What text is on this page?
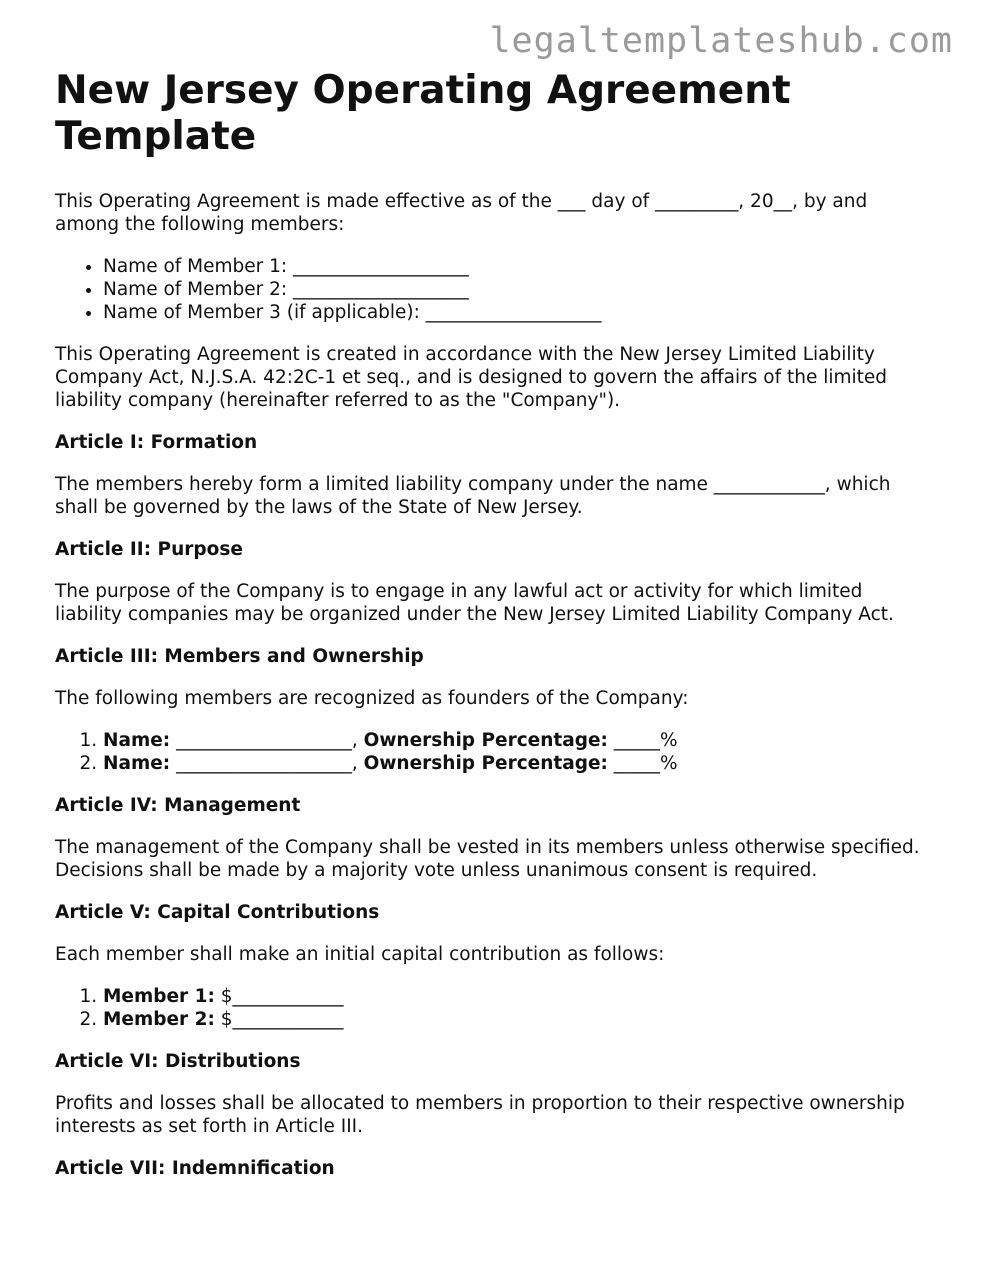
legaltemplateshub.com

New Jersey Operating Agreement Template

This Operating Agreement is made effective as of the ___ day of _________, 20__, by and among the following members:

• Name of Member 1: ___________________
• Name of Member 2: ___________________
• Name of Member 3 (if applicable): ___________________

This Operating Agreement is created in accordance with the New Jersey Limited Liability Company Act, N.J.S.A. 42:2C-1 et seq., and is designed to govern the affairs of the limited liability company (hereinafter referred to as the "Company").

Article I: Formation

The members hereby form a limited liability company under the name ____________, which shall be governed by the laws of the State of New Jersey.

Article II: Purpose

The purpose of the Company is to engage in any lawful act or activity for which limited liability companies may be organized under the New Jersey Limited Liability Company Act.

Article III: Members and Ownership

The following members are recognized as founders of the Company:

1. Name: ___________________, Ownership Percentage: _____%
2. Name: ___________________, Ownership Percentage: _____%
Article IV: Management

The management of the Company shall be vested in its members unless otherwise specified. Decisions shall be made by a majority vote unless unanimous consent is required.

Article V: Capital Contributions

Each member shall make an initial capital contribution as follows:

1. Member 1: $____________
2. Member 2: $____________
Article VI: Distributions

Profits and losses shall be allocated to members in proportion to their respective ownership interests as set forth in Article III.

Article VII: Indemnification
